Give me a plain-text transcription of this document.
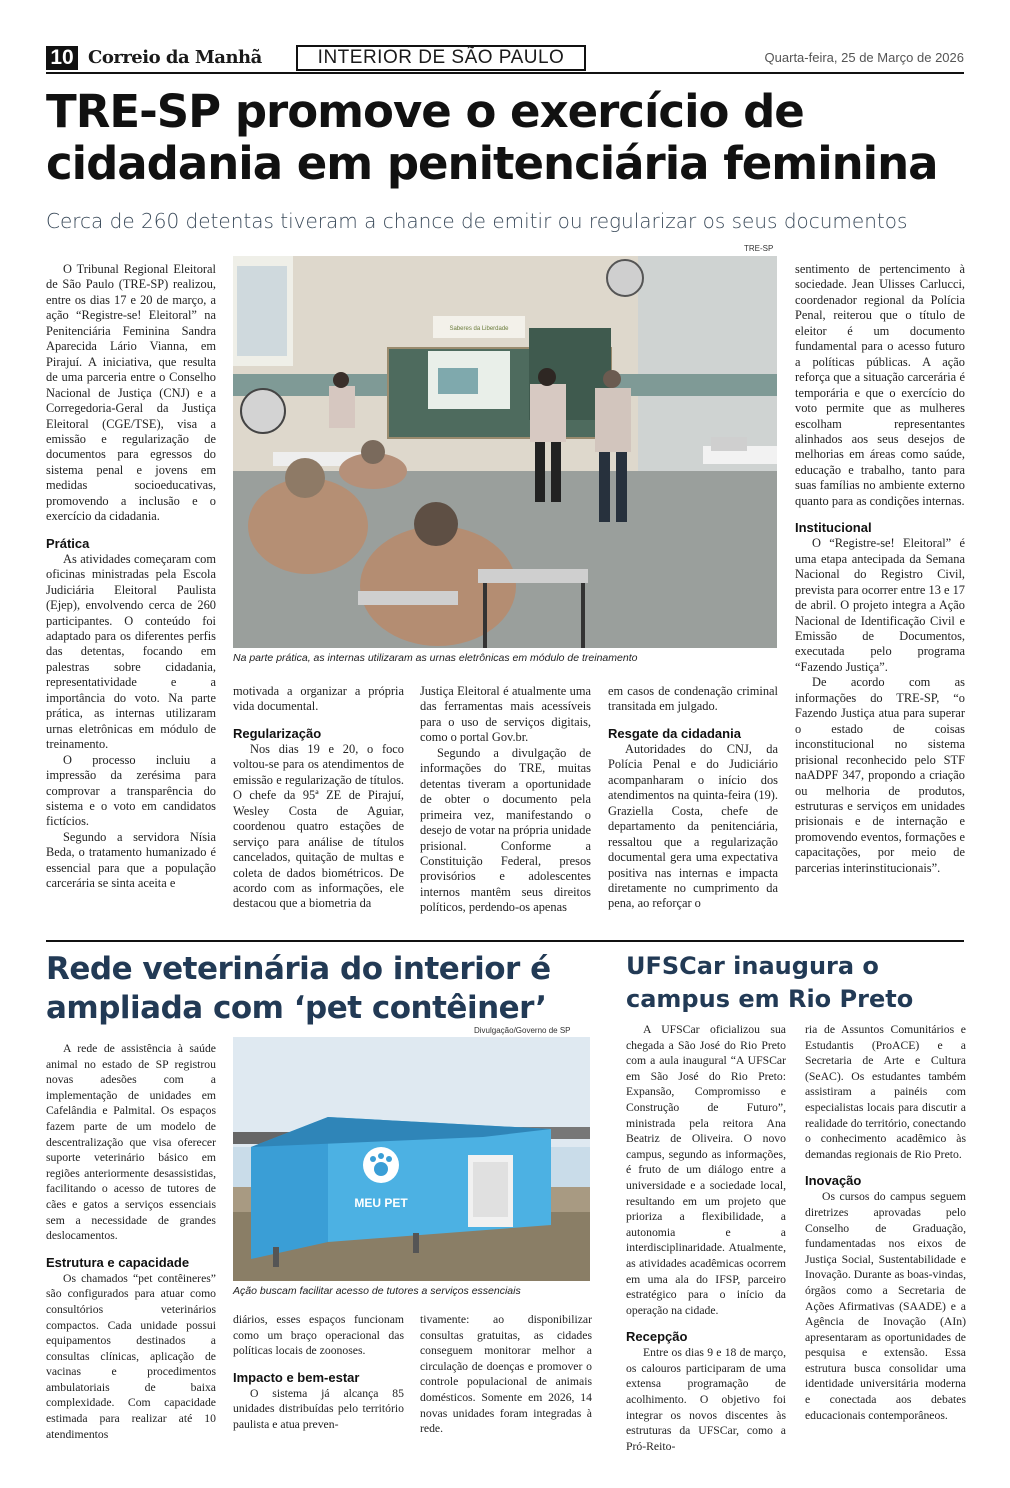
10 Correio da Manhã	INTERIOR DE SÃO PAULO	Quarta-feira, 25 de Março de 2026
TRE-SP promove o exercício de cidadania em penitenciária feminina
Cerca de 260 detentas tiveram a chance de emitir ou regularizar os seus documentos
TRE-SP
Saberes da Liberdade
Na parte prática, as internas utilizaram as urnas eletrônicas em módulo de treinamento

O Tribunal Regional Eleitoral de São Paulo (TRE-SP) realizou, entre os dias 17 e 20 de março, a ação “Registre-se! Eleitoral” na Penitenciária Feminina Sandra Aparecida Lário Vianna, em Pirajuí. A iniciativa, que resulta de uma parceria entre o Conselho Nacional de Justiça (CNJ) e a Corregedoria-Geral da Justiça Eleitoral (CGE/TSE), visa a emissão e regularização de documentos para egressos do sistema penal e jovens em medidas socioeducativas, promovendo a inclusão e o exercício da cidadania.

Prática

As atividades começaram com oficinas ministradas pela Escola Judiciária Eleitoral Paulista (Ejep), envolvendo cerca de 260 participantes. O conteúdo foi adaptado para os diferentes perfis das detentas, focando em palestras sobre cidadania, representatividade e a importância do voto. Na parte prática, as internas utilizaram urnas eletrônicas em módulo de treinamento.

O processo incluiu a impressão da zerésima para comprovar a transparência do sistema e o voto em candidatos fictícios.

Segundo a servidora Nísia Beda, o tratamento humanizado é essencial para que a população carcerária se sinta aceita e

motivada a organizar a própria vida documental.

Regularização

Nos dias 19 e 20, o foco voltou-se para os atendimentos de emissão e regularização de títulos. O chefe da 95ª ZE de Pirajuí, Wesley Costa de Aguiar, coordenou quatro estações de serviço para análise de títulos cancelados, quitação de multas e coleta de dados biométricos. De acordo com as informações, ele destacou que a biometria da

Justiça Eleitoral é atualmente uma das ferramentas mais acessíveis para o uso de serviços digitais, como o portal Gov.br.

Segundo a divulgação de informações do TRE, muitas detentas tiveram a oportunidade de obter o documento pela primeira vez, manifestando o desejo de votar na própria unidade prisional. Conforme a Constituição Federal, presos provisórios e adolescentes internos mantêm seus direitos políticos, perdendo-os apenas

em casos de condenação criminal transitada em julgado.

Resgate da cidadania

Autoridades do CNJ, da Polícia Penal e do Judiciário acompanharam o início dos atendimentos na quinta-feira (19). Graziella Costa, chefe de departamento da penitenciária, ressaltou que a regularização documental gera uma expectativa positiva nas internas e impacta diretamente no cumprimento da pena, ao reforçar o

sentimento de pertencimento à sociedade. Jean Ulisses Carlucci, coordenador regional da Polícia Penal, reiterou que o título de eleitor é um documento fundamental para o acesso futuro a políticas públicas. A ação reforça que a situação carcerária é temporária e que o exercício do voto permite que as mulheres escolham representantes alinhados aos seus desejos de melhorias em áreas como saúde, educação e trabalho, tanto para suas famílias no ambiente externo quanto para as condições internas.

Institucional

O “Registre-se! Eleitoral” é uma etapa antecipada da Semana Nacional do Registro Civil, prevista para ocorrer entre 13 e 17 de abril. O projeto integra a Ação Nacional de Identificação Civil e Emissão de Documentos, executada pelo programa “Fazendo Justiça”.

De acordo com as informações do TRE-SP, “o Fazendo Justiça atua para superar o estado de coisas inconstitucional no sistema prisional reconhecido pelo STF naADPF 347, propondo a criação ou melhoria de produtos, estruturas e serviços em unidades prisionais e de internação e promovendo eventos, formações e capacitações, por meio de parcerias interinstitucionais”.

Rede veterinária do interior é ampliada com ‘pet contêiner’
Divulgação/Governo de SP
MEU PET
Ação buscam facilitar acesso de tutores a serviços essenciais

A rede de assistência à saúde animal no estado de SP registrou novas adesões com a implementação de unidades em Cafelândia e Palmital. Os espaços fazem parte de um modelo de descentralização que visa oferecer suporte veterinário básico em regiões anteriormente desassistidas, facilitando o acesso de tutores de cães e gatos a serviços essenciais sem a necessidade de grandes deslocamentos.

Estrutura e capacidade

Os chamados “pet contêineres” são configurados para atuar como consultórios veterinários compactos. Cada unidade possui equipamentos destinados a consultas clínicas, aplicação de vacinas e procedimentos ambulatoriais de baixa complexidade. Com capacidade estimada para realizar até 10 atendimentos

diários, esses espaços funcionam como um braço operacional das políticas locais de zoonoses.

Impacto e bem-estar

O sistema já alcança 85 unidades distribuídas pelo território paulista e atua preven-

tivamente: ao disponibilizar consultas gratuitas, as cidades conseguem monitorar melhor a circulação de doenças e promover o controle populacional de animais domésticos. Somente em 2026, 14 novas unidades foram integradas à rede.

UFSCar inaugura o campus em Rio Preto

A UFSCar oficializou sua chegada a São José do Rio Preto com a aula inaugural “A UFSCar em São José do Rio Preto: Expansão, Compromisso e Construção de Futuro”, ministrada pela reitora Ana Beatriz de Oliveira. O novo campus, segundo as informações, é fruto de um diálogo entre a universidade e a sociedade local, resultando em um projeto que prioriza a flexibilidade, a autonomia e a interdisciplinaridade. Atualmente, as atividades acadêmicas ocorrem em uma ala do IFSP, parceiro estratégico para o início da operação na cidade.

Recepção

Entre os dias 9 e 18 de março, os calouros participaram de uma extensa programação de acolhimento. O objetivo foi integrar os novos discentes às estruturas da UFSCar, como a Pró-Reito-

ria de Assuntos Comunitários e Estudantis (ProACE) e a Secretaria de Arte e Cultura (SeAC). Os estudantes também assistiram a painéis com especialistas locais para discutir a realidade do território, conectando o conhecimento acadêmico às demandas regionais de Rio Preto.

Inovação

Os cursos do campus seguem diretrizes aprovadas pelo Conselho de Graduação, fundamentadas nos eixos de Justiça Social, Sustentabilidade e Inovação. Durante as boas-vindas, órgãos como a Secretaria de Ações Afirmativas (SAADE) e a Agência de Inovação (AIn) apresentaram as oportunidades de pesquisa e extensão. Essa estrutura busca consolidar uma identidade universitária moderna e conectada aos debates educacionais contemporâneos.
